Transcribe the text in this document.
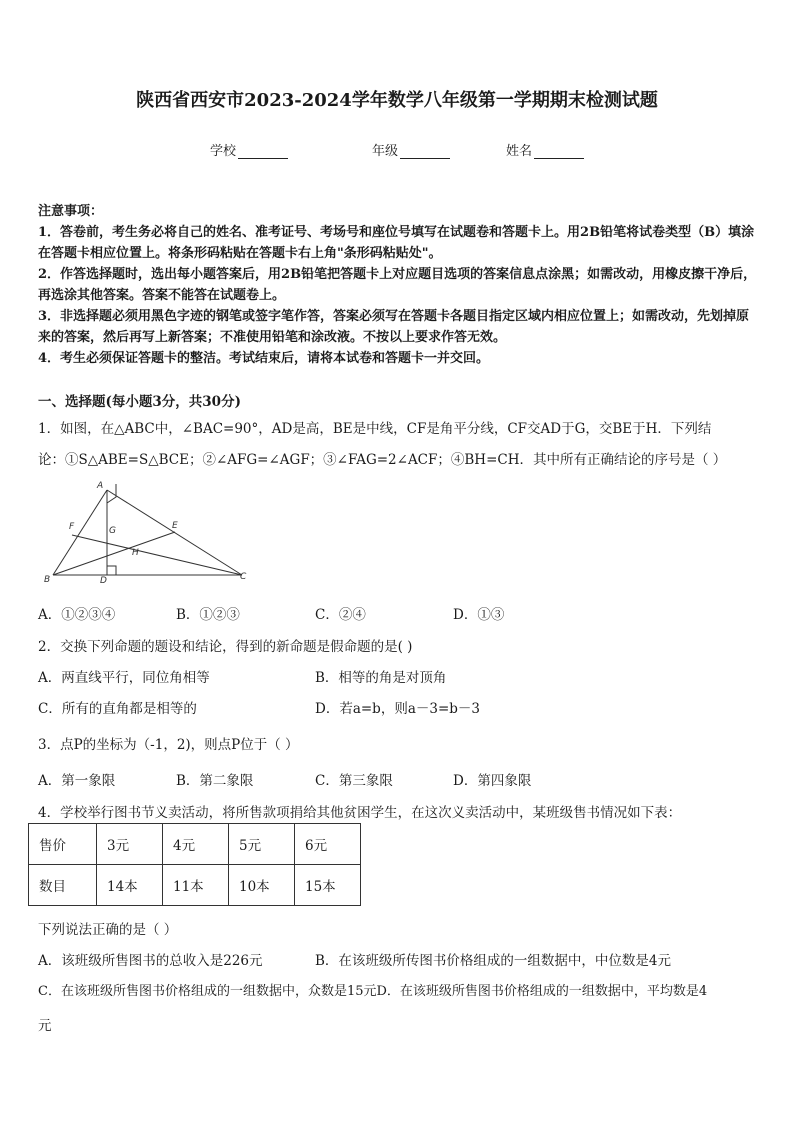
陕西省西安市2023-2024学年数学八年级第一学期期末检测试题
学校	年级	姓名
注意事项：
1．答卷前，考生务必将自己的姓名、准考证号、考场号和座位号填写在试题卷和答题卡上。用2B铅笔将试卷类型（B）填涂在答题卡相应位置上。将条形码粘贴在答题卡右上角"条形码粘贴处"。
2．作答选择题时，选出每小题答案后，用2B铅笔把答题卡上对应题目选项的答案信息点涂黑；如需改动，用橡皮擦干净后，再选涂其他答案。答案不能答在试题卷上。
3．非选择题必须用黑色字迹的钢笔或签字笔作答，答案必须写在答题卡各题目指定区域内相应位置上；如需改动，先划掉原来的答案，然后再写上新答案；不准使用铅笔和涂改液。不按以上要求作答无效。
4．考生必须保证答题卡的整洁。考试结束后，请将本试卷和答题卡一并交回。
一、选择题(每小题3分，共30分)
1．如图，在△ABC中，∠BAC=90°，AD是高，BE是中线，CF是角平分线，CF交AD于G，交BE于H．下列结
论：①S△ABE=S△BCE；②∠AFG=∠AGF；③∠FAG=2∠ACF；④BH=CH．其中所有正确结论的序号是（ ）
A
B	C
D
E
F	G
H
A．①②③④	B．①②③	C．②④	D．①③
2．交换下列命题的题设和结论，得到的新命题是假命题的是( )
A．两直线平行，同位角相等	B．相等的角是对顶角
C．所有的直角都是相等的	D．若a=b，则a－3=b－3
3．点P的坐标为（-1，2)，则点P位于（ ）
A．第一象限	B．第二象限	C．第三象限	D．第四象限
4．学校举行图书节义卖活动，将所售款项捐给其他贫困学生，在这次义卖活动中，某班级售书情况如下表：
售价	3元	4元	5元	6元
数目	14本	11本	10本	15本
下列说法正确的是（ ）
A．该班级所售图书的总收入是226元	B．在该班级所传图书价格组成的一组数据中，中位数是4元
C．在该班级所售图书价格组成的一组数据中，众数是15元D．在该班级所售图书价格组成的一组数据中，平均数是4
元
